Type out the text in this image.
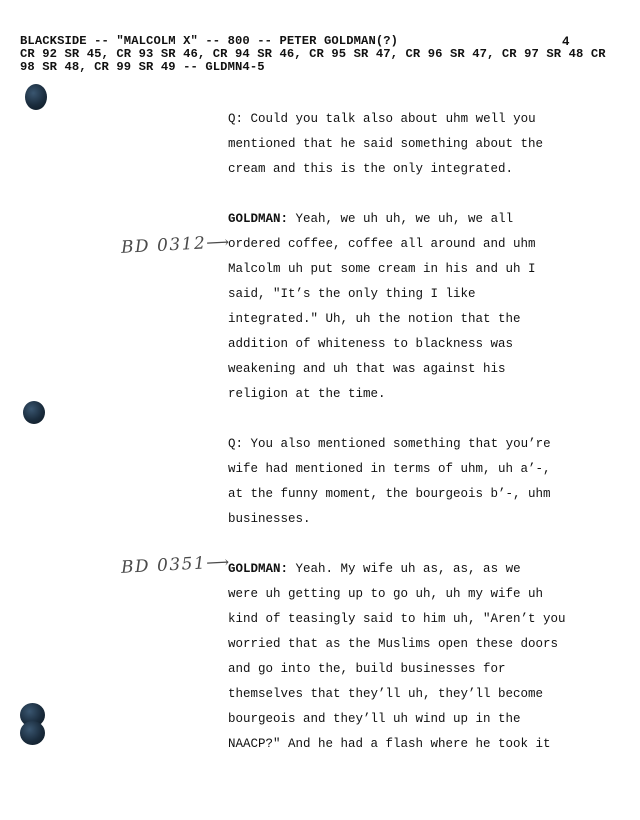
BLACKSIDE -- "MALCOLM X" -- 800 -- PETER GOLDMAN(?)
CR 92 SR 45, CR 93 SR 46, CR 94 SR 46, CR 95 SR 47, CR 96 SR 47, CR 97 SR 48 CR
98 SR 48, CR 99 SR 49 -- GLDMN4-5
4
BD 0312⟶
BD 0351⟶
Q: Could you talk also about uhm well you
mentioned that he said something about the
cream and this is the only integrated.
GOLDMAN: Yeah, we uh uh, we uh, we all
ordered coffee, coffee all around and uhm
Malcolm uh put some cream in his and uh I
said, "It’s the only thing I like
integrated." Uh, uh the notion that the
addition of whiteness to blackness was
weakening and uh that was against his
religion at the time.
Q: You also mentioned something that you’re
wife had mentioned in terms of uhm, uh a’-,
at the funny moment, the bourgeois b’-, uhm
businesses.
GOLDMAN: Yeah. My wife uh as, as, as we
were uh getting up to go uh, uh my wife uh
kind of teasingly said to him uh, "Aren’t you
worried that as the Muslims open these doors
and go into the, build businesses for
themselves that they’ll uh, they’ll become
bourgeois and they’ll uh wind up in the
NAACP?" And he had a flash where he took it
